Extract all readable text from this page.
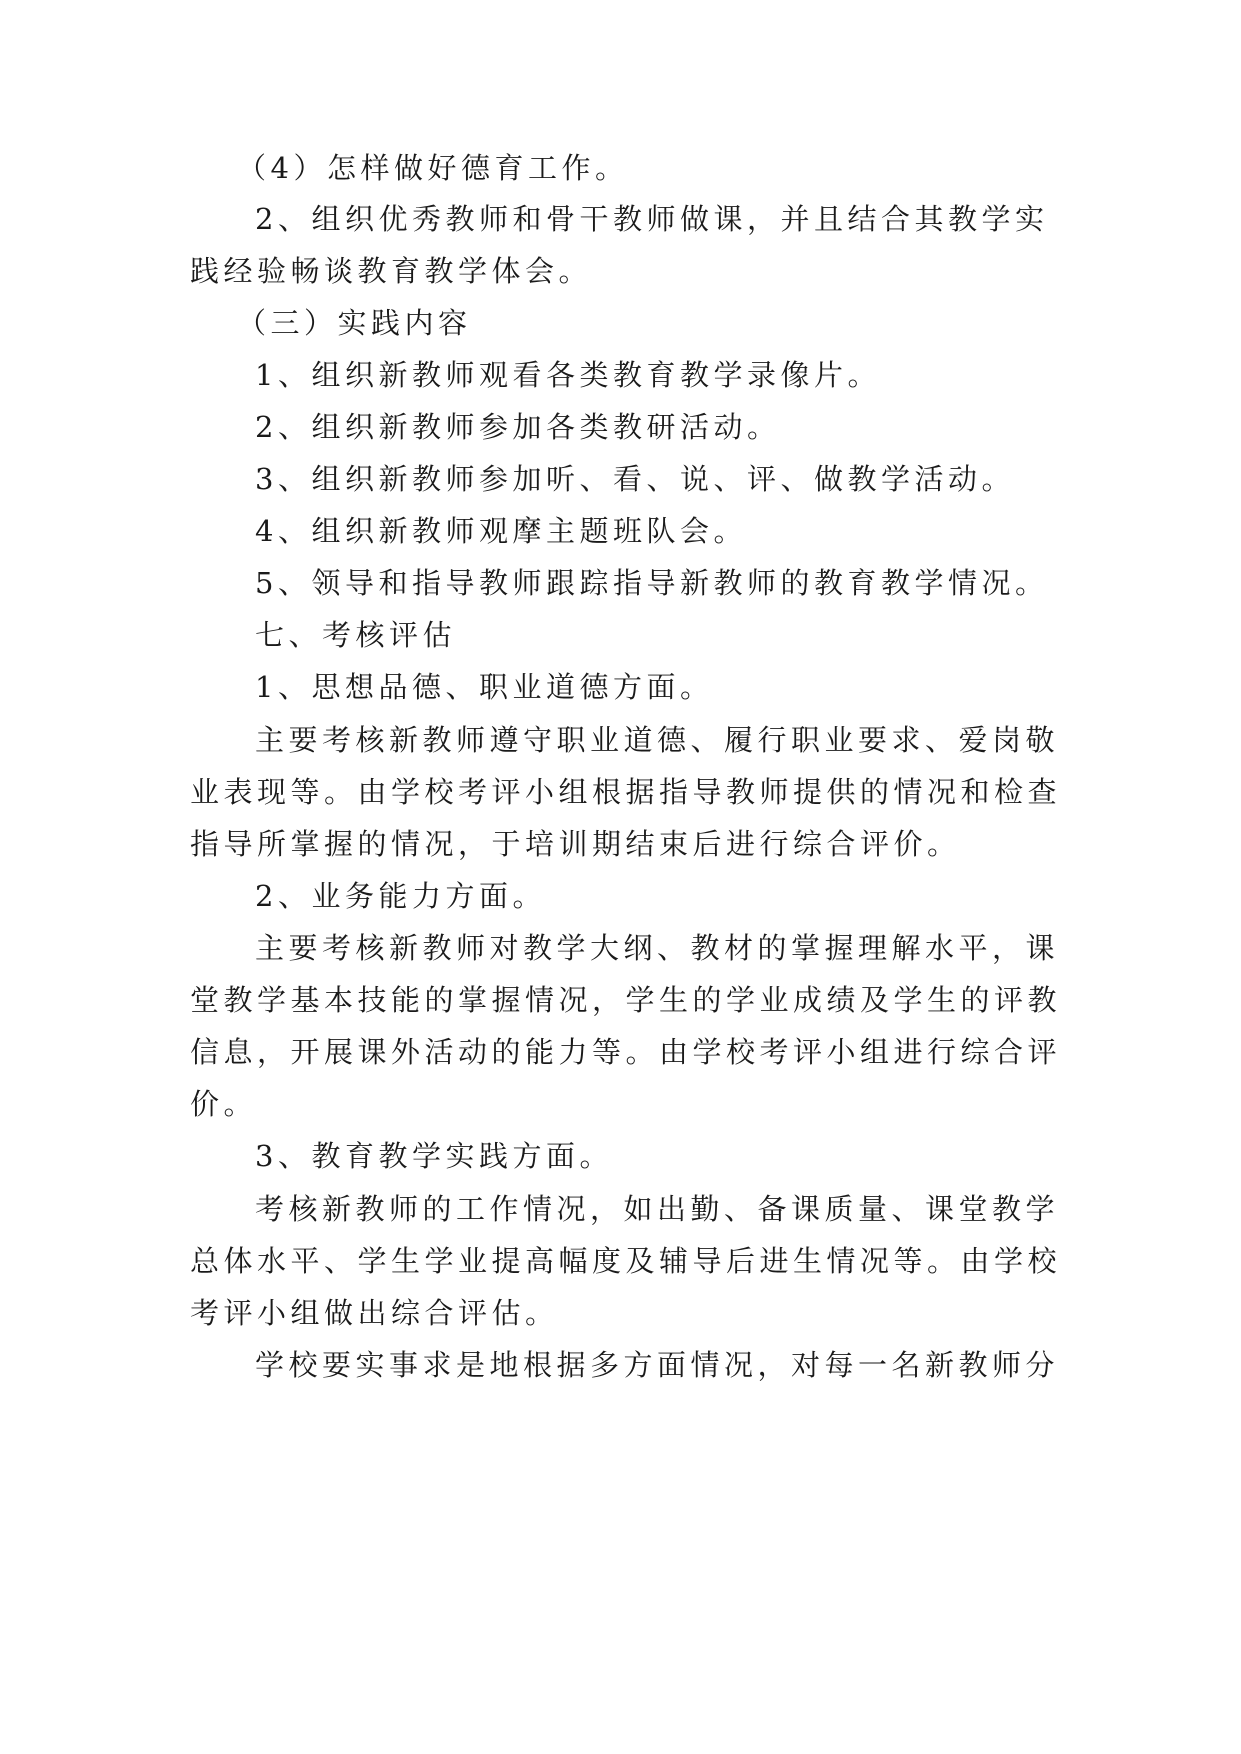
（4）怎样做好德育工作。

2、组织优秀教师和骨干教师做课，并且结合其教学实

践经验畅谈教育教学体会。

（三）实践内容

1、组织新教师观看各类教育教学录像片。

2、组织新教师参加各类教研活动。

3、组织新教师参加听、看、说、评、做教学活动。

4、组织新教师观摩主题班队会。

5、领导和指导教师跟踪指导新教师的教育教学情况。

七、考核评估

1、思想品德、职业道德方面。

主要考核新教师遵守职业道德、履行职业要求、爱岗敬

业表现等。由学校考评小组根据指导教师提供的情况和检查

指导所掌握的情况，于培训期结束后进行综合评价。

2、业务能力方面。

主要考核新教师对教学大纲、教材的掌握理解水平，课

堂教学基本技能的掌握情况，学生的学业成绩及学生的评教

信息，开展课外活动的能力等。由学校考评小组进行综合评

价。

3、教育教学实践方面。

考核新教师的工作情况，如出勤、备课质量、课堂教学

总体水平、学生学业提高幅度及辅导后进生情况等。由学校

考评小组做出综合评估。

学校要实事求是地根据多方面情况，对每一名新教师分
